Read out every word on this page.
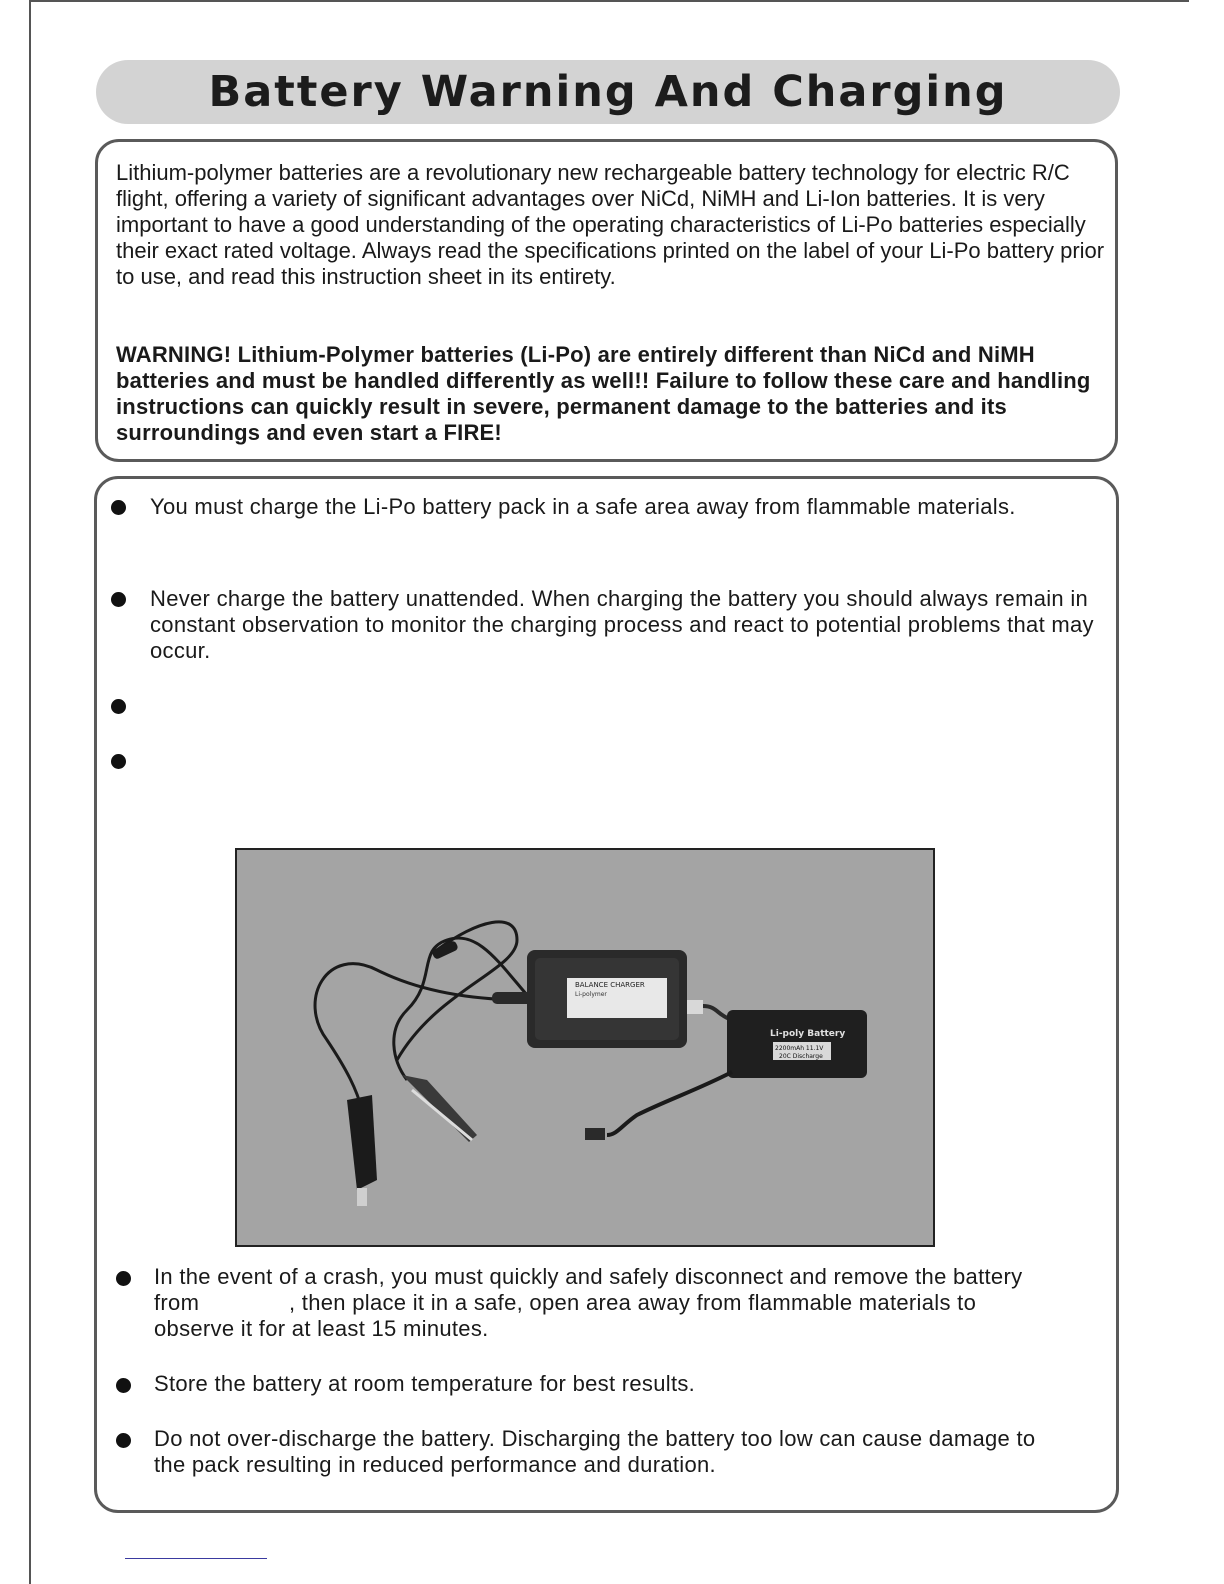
Battery Warning And Charging

Lithium-polymer batteries are a revolutionary new rechargeable battery technology for electric R/C flight, offering a variety of significant advantages over NiCd, NiMH and Li-Ion batteries. It is very important to have a good understanding of the operating characteristics of Li-Po batteries especially their exact rated voltage. Always read the specifications printed on the label of your Li-Po battery prior to use, and read this instruction sheet in its entirety.

WARNING! Lithium-Polymer batteries (Li-Po) are entirely different than NiCd and NiMH batteries and must be handled differently as well!! Failure to follow these care and handling instructions can quickly result in severe, permanent damage to the batteries and its surroundings and even start a FIRE!

You must charge the Li-Po battery pack in a safe area away from flammable materials.

Never charge the battery unattended. When charging the battery you should always remain in constant observation to monitor the charging process and react to potential problems that may occur.

BALANCE CHARGER
Li-polymer
Li-poly Battery
2200mAh 11.1V
20C Discharge

In the event of a crash, you must quickly and safely disconnect and remove the battery from              , then place it in a safe, open area away from flammable materials to observe it for at least 15 minutes.

Store the battery at room temperature for best results.

Do not over-discharge the battery. Discharging the battery too low can cause damage to the pack resulting in reduced performance and duration.
